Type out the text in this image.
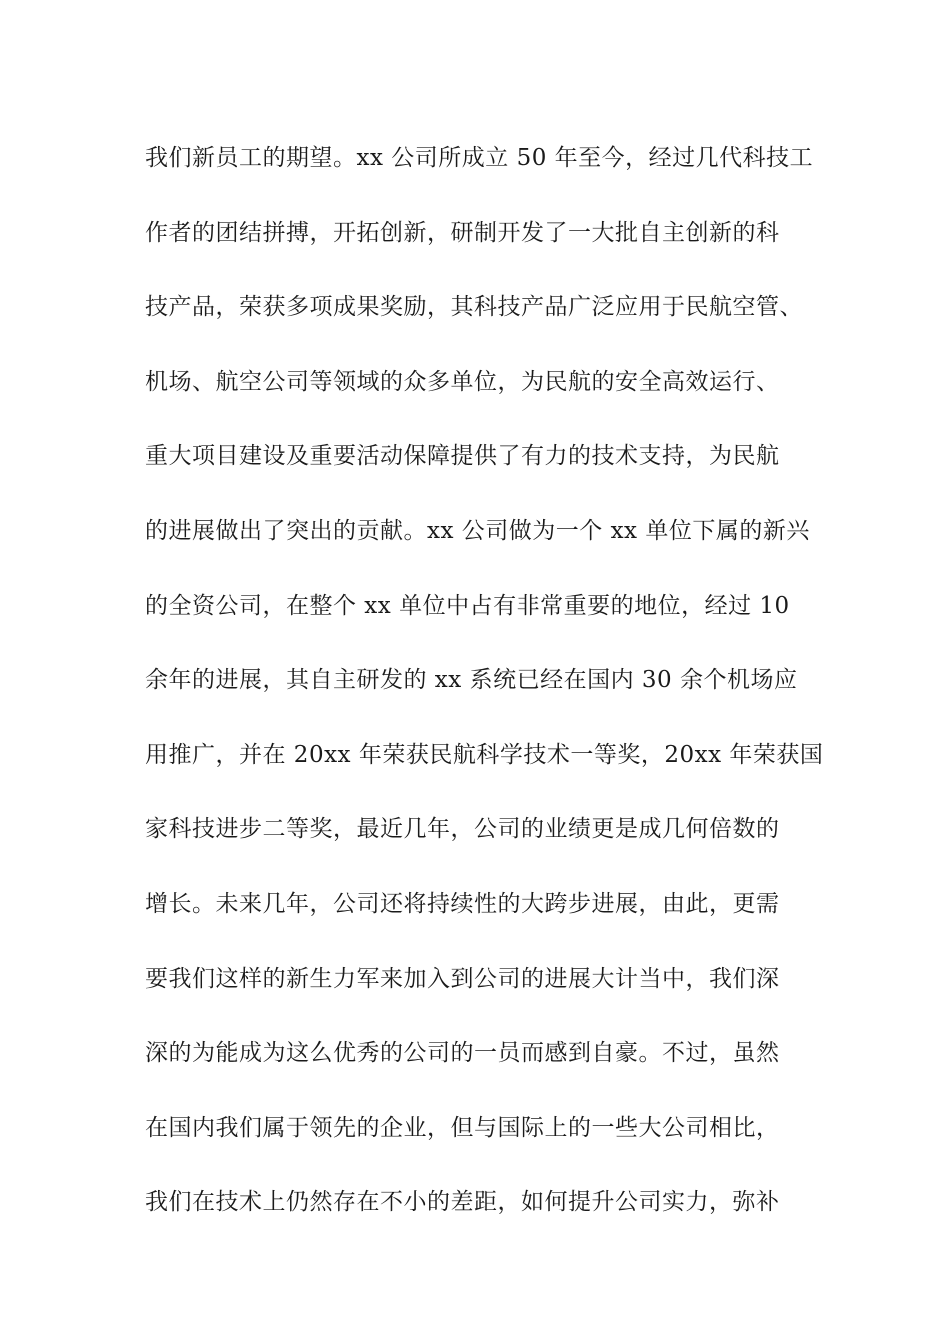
我们新员工的期望。xx 公司所成立 50 年至今，经过几代科技工
作者的团结拼搏，开拓创新，研制开发了一大批自主创新的科
技产品，荣获多项成果奖励，其科技产品广泛应用于民航空管、
机场、航空公司等领域的众多单位，为民航的安全高效运行、
重大项目建设及重要活动保障提供了有力的技术支持，为民航
的进展做出了突出的贡献。xx 公司做为一个 xx 单位下属的新兴
的全资公司，在整个 xx 单位中占有非常重要的地位，经过 10
余年的进展，其自主研发的 xx 系统已经在国内 30 余个机场应
用推广，并在 20xx 年荣获民航科学技术一等奖，20xx 年荣获国
家科技进步二等奖，最近几年，公司的业绩更是成几何倍数的
增长。未来几年，公司还将持续性的大跨步进展，由此，更需
要我们这样的新生力军来加入到公司的进展大计当中，我们深
深的为能成为这么优秀的公司的一员而感到自豪。不过，虽然
在国内我们属于领先的企业，但与国际上的一些大公司相比，
我们在技术上仍然存在不小的差距，如何提升公司实力，弥补
